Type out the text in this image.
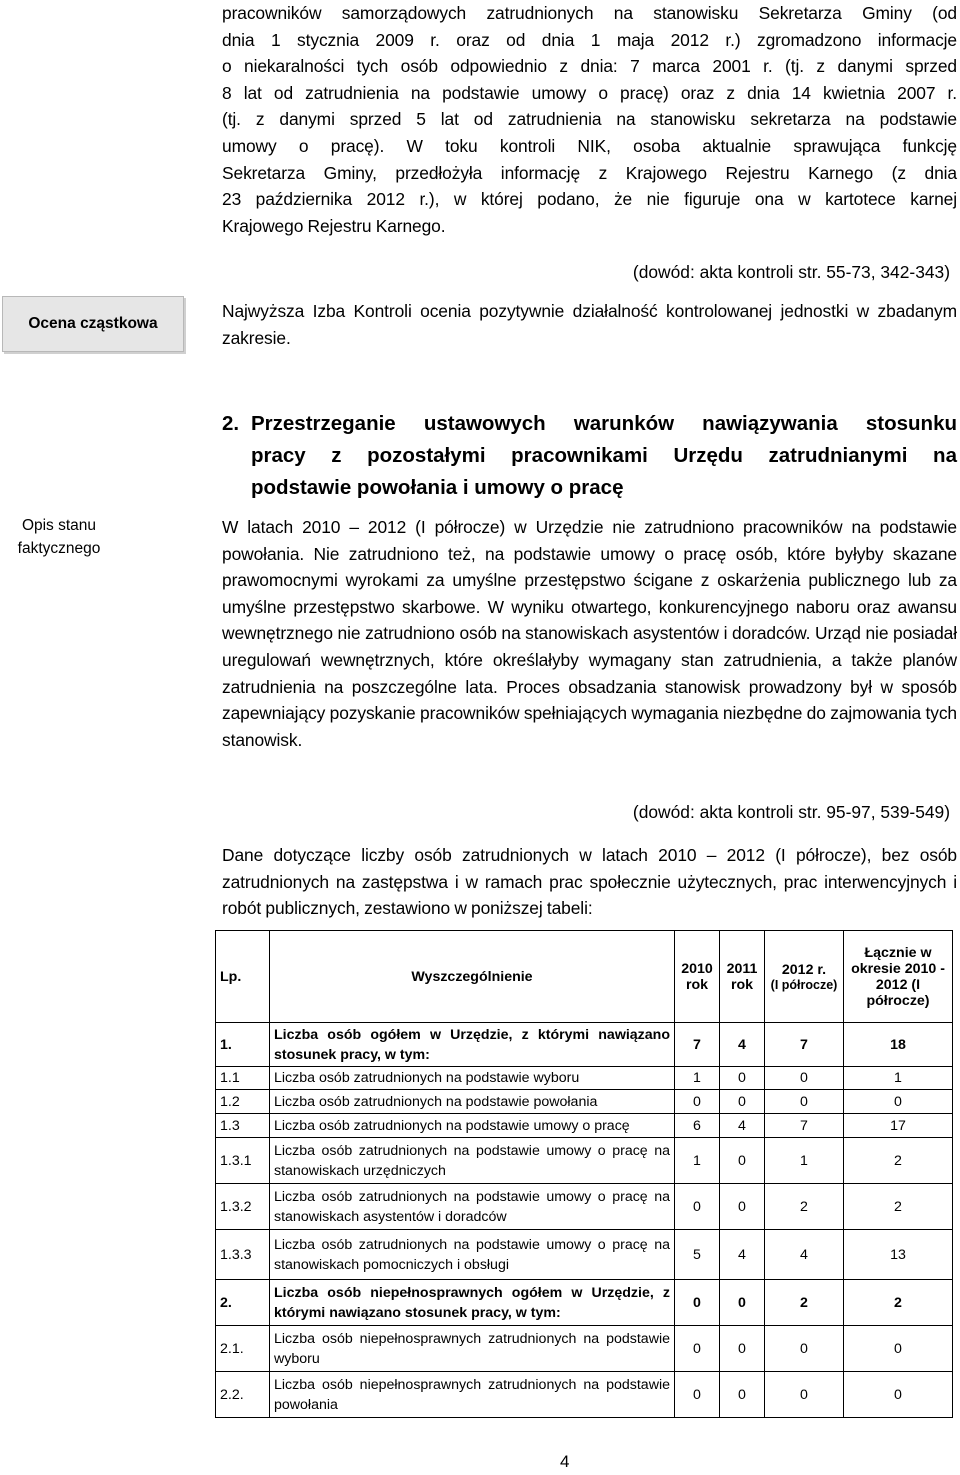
pracowników samorządowych zatrudnionych na stanowisku Sekretarza Gminy (od

dnia 1 stycznia 2009 r. oraz od dnia 1 maja 2012 r.) zgromadzono informacje

o niekaralności tych osób odpowiednio z dnia: 7 marca 2001 r. (tj. z danymi sprzed

8 lat od zatrudnienia na podstawie umowy o pracę) oraz z dnia 14 kwietnia 2007 r.

(tj. z danymi sprzed 5 lat od zatrudnienia na stanowisku sekretarza na podstawie

umowy o pracę). W toku kontroli NIK, osoba aktualnie sprawująca funkcję

Sekretarza Gminy, przedłożyła informację z Krajowego Rejestru Karnego (z dnia

23 października 2012 r.), w której podano, że nie figuruje ona w kartotece karnej

Krajowego Rejestru Karnego.

(dowód: akta kontroli str. 55-73, 342-343)
Ocena cząstkowa
Najwyższa Izba Kontroli ocenia pozytywnie działalność kontrolowanej jednostki w zbadanym zakresie.
Opis stanu faktycznego
2. Przestrzeganie ustawowych warunków nawiązywania stosunku
pracy z pozostałymi pracownikami Urzędu zatrudnianymi na
podstawie powołania i umowy o pracę
W latach 2010 – 2012 (I półrocze) w Urzędzie nie zatrudniono pracowników na podstawie powołania. Nie zatrudniono też, na podstawie umowy o pracę osób, które byłyby skazane prawomocnymi wyrokami za umyślne przestępstwo ścigane z oskarżenia publicznego lub za umyślne przestępstwo skarbowe. W wyniku otwartego, konkurencyjnego naboru oraz awansu wewnętrznego nie zatrudniono osób na stanowiskach asystentów i doradców. Urząd nie posiadał uregulowań wewnętrznych, które określałyby wymagany stan zatrudnienia, a także planów zatrudnienia na poszczególne lata. Proces obsadzania stanowisk prowadzony był w sposób zapewniający pozyskanie pracowników spełniających wymagania niezbędne do zajmowania tych stanowisk.
(dowód: akta kontroli str. 95-97, 539-549)
Dane dotyczące liczby osób zatrudnionych w latach 2010 – 2012 (I półrocze), bez osób zatrudnionych na zastępstwa i w ramach prac społecznie użytecznych, prac interwencyjnych i robót publicznych, zestawiono w poniższej tabeli:
Lp.	Wyszczególnienie	2010 rok	2011 rok	2012 r.
(I półrocze)	Łącznie w okresie 2010 - 2012 (I półrocze)
1.	Liczba osób ogółem w Urzędzie, z którymi nawiązano stosunek pracy, w tym:	7	4	7	18
1.1	Liczba osób zatrudnionych na podstawie wyboru	1	0	0	1
1.2	Liczba osób zatrudnionych na podstawie powołania	0	0	0	0
1.3	Liczba osób zatrudnionych na podstawie umowy o pracę	6	4	7	17
1.3.1	Liczba osób zatrudnionych na podstawie umowy o pracę na stanowiskach urzędniczych	1	0	1	2
1.3.2	Liczba osób zatrudnionych na podstawie umowy o pracę na stanowiskach asystentów i doradców	0	0	2	2
1.3.3	Liczba osób zatrudnionych na podstawie umowy o pracę na stanowiskach pomocniczych i obsługi	5	4	4	13
2.	Liczba osób niepełnosprawnych ogółem w Urzędzie, z którymi nawiązano stosunek pracy, w tym:	0	0	2	2
2.1.	Liczba osób niepełnosprawnych zatrudnionych na podstawie wyboru	0	0	0	0
2.2.	Liczba osób niepełnosprawnych zatrudnionych na podstawie powołania	0	0	0	0
4
